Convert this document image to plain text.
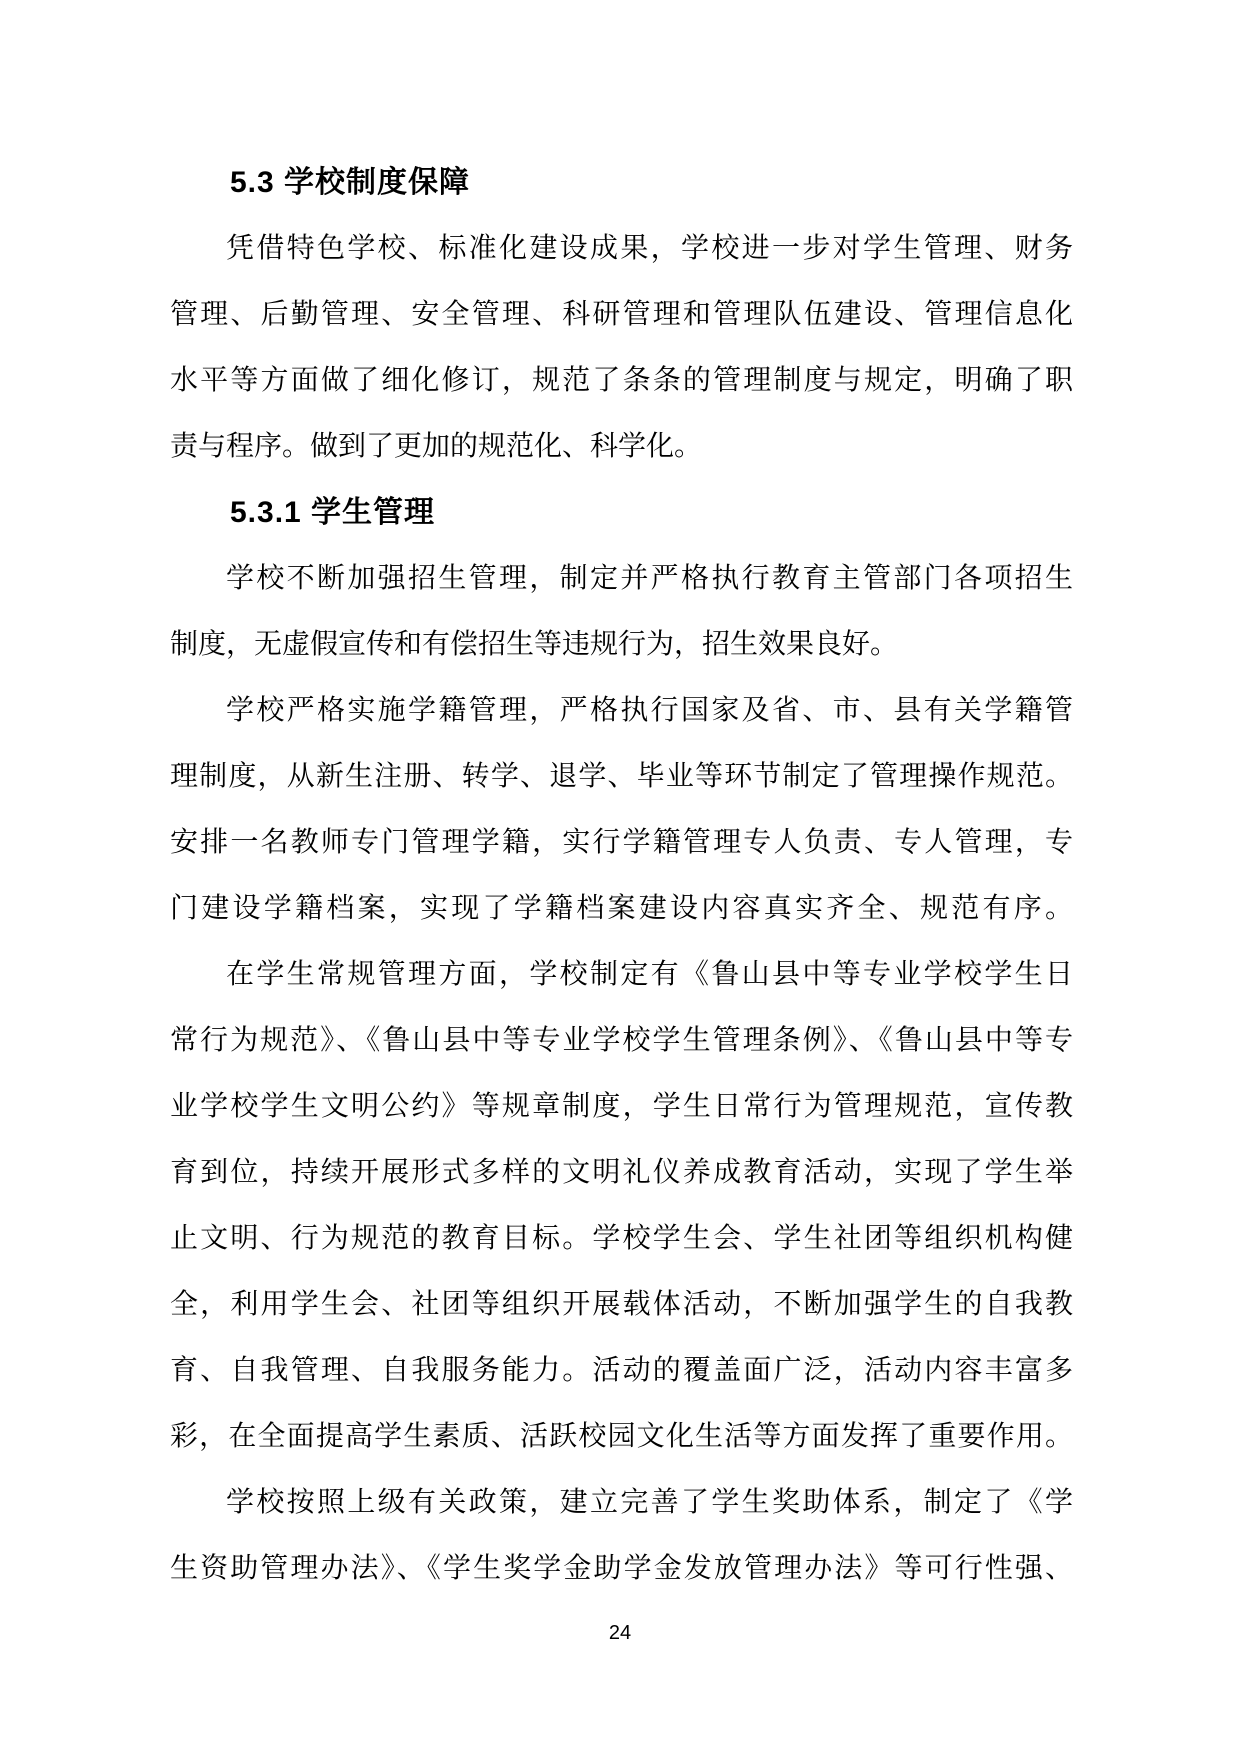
5.3 学校制度保障
凭借特色学校、标准化建设成果，学校进一步对学生管理、财务
管理、后勤管理、安全管理、科研管理和管理队伍建设、管理信息化
水平等方面做了细化修订，规范了条条的管理制度与规定，明确了职
责与程序。做到了更加的规范化、科学化。
5.3.1 学生管理
学校不断加强招生管理，制定并严格执行教育主管部门各项招生
制度，无虚假宣传和有偿招生等违规行为，招生效果良好。
学校严格实施学籍管理，严格执行国家及省、市、县有关学籍管
理制度，从新生注册、转学、退学、毕业等环节制定了管理操作规范。
安排一名教师专门管理学籍，实行学籍管理专人负责、专人管理，专
门建设学籍档案，实现了学籍档案建设内容真实齐全、规范有序。
在学生常规管理方面，学校制定有《鲁山县中等专业学校学生日
常行为规范》、《鲁山县中等专业学校学生管理条例》、《鲁山县中等专
业学校学生文明公约》等规章制度，学生日常行为管理规范，宣传教
育到位，持续开展形式多样的文明礼仪养成教育活动，实现了学生举
止文明、行为规范的教育目标。学校学生会、学生社团等组织机构健
全，利用学生会、社团等组织开展载体活动，不断加强学生的自我教
育、自我管理、自我服务能力。活动的覆盖面广泛，活动内容丰富多
彩，在全面提高学生素质、活跃校园文化生活等方面发挥了重要作用。
学校按照上级有关政策，建立完善了学生奖助体系，制定了《学
生资助管理办法》、《学生奖学金助学金发放管理办法》等可行性强、
24
